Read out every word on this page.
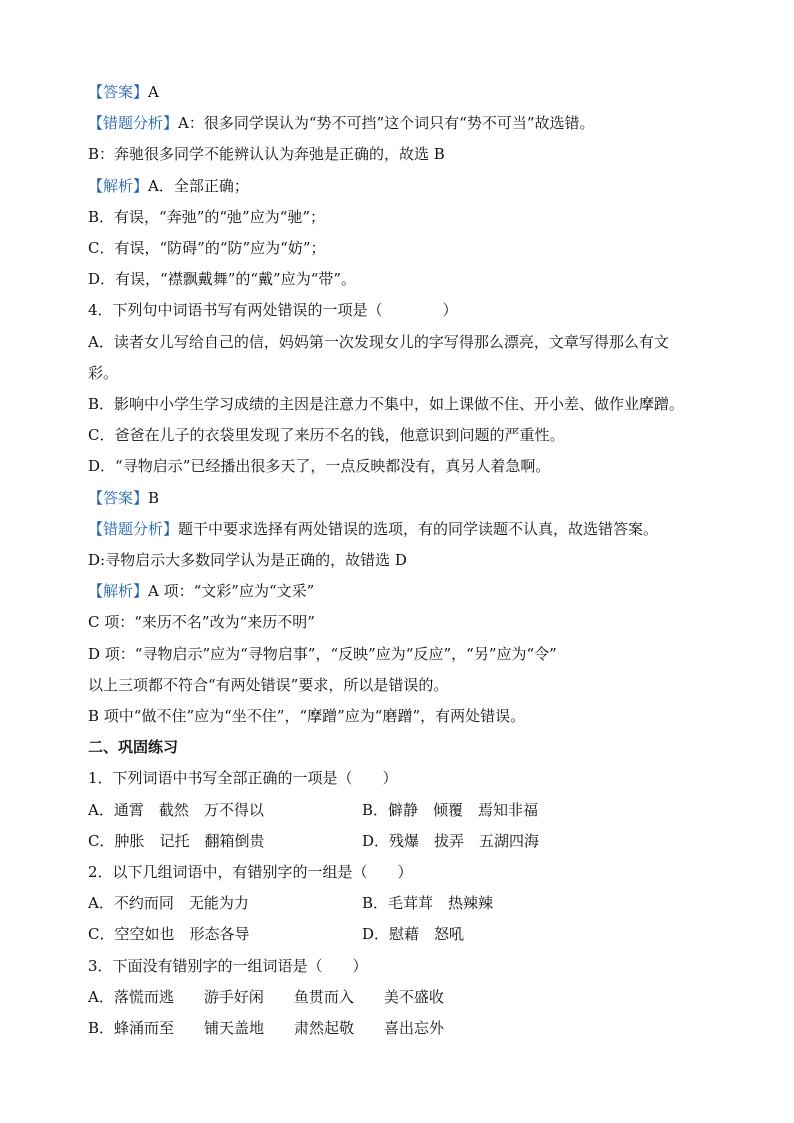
【答案】A
【错题分析】A：很多同学误认为“势不可挡”这个词只有“势不可当”故选错。
B：奔驰很多同学不能辨认认为奔弛是正确的，故选 B
【解析】A．全部正确；
B．有误，“奔弛”的“弛”应为“驰”；
C．有误，“防碍”的“防”应为“妨”；
D．有误，“襟飘戴舞”的“戴”应为“带”。
4．下列句中词语书写有两处错误的一项是（　　　　）
A．读者女儿写给自己的信，妈妈第一次发现女儿的字写得那么漂亮，文章写得那么有文
彩。
B．影响中小学生学习成绩的主因是注意力不集中，如上课做不住、开小差、做作业摩蹭。
C．爸爸在儿子的衣袋里发现了来历不名的钱，他意识到问题的严重性。
D．“寻物启示”已经播出很多天了，一点反映都没有，真另人着急啊。
【答案】B
【错题分析】题干中要求选择有两处错误的选项，有的同学读题不认真，故选错答案。
D:寻物启示大多数同学认为是正确的，故错选 D
【解析】A 项：“文彩”应为“文采”
C 项：“来历不名”改为“来历不明”
D 项：“寻物启示”应为“寻物启事”，“反映”应为“反应”，“另”应为“令”
以上三项都不符合“有两处错误”要求，所以是错误的。
B 项中“做不住”应为“坐不住”，“摩蹭”应为“磨蹭”，有两处错误。
二、巩固练习
1．下列词语中书写全部正确的一项是（　　）
A．通霄　截然　万不得以	B．僻静　倾覆　焉知非福
C．肿胀　记托　翻箱倒贵	D．残爆　拔弄　五湖四海
2．以下几组词语中，有错别字的一组是（　　）
A．不约而同　无能为力	B．毛茸茸　热辣辣
C．空空如也　形态各导	D．慰藉　怒吼
3．下面没有错别字的一组词语是（　　）
A．落慌而逃　　游手好闲　　鱼贯而入　　美不盛收
B．蜂涌而至　　铺天盖地　　肃然起敬　　喜出忘外
